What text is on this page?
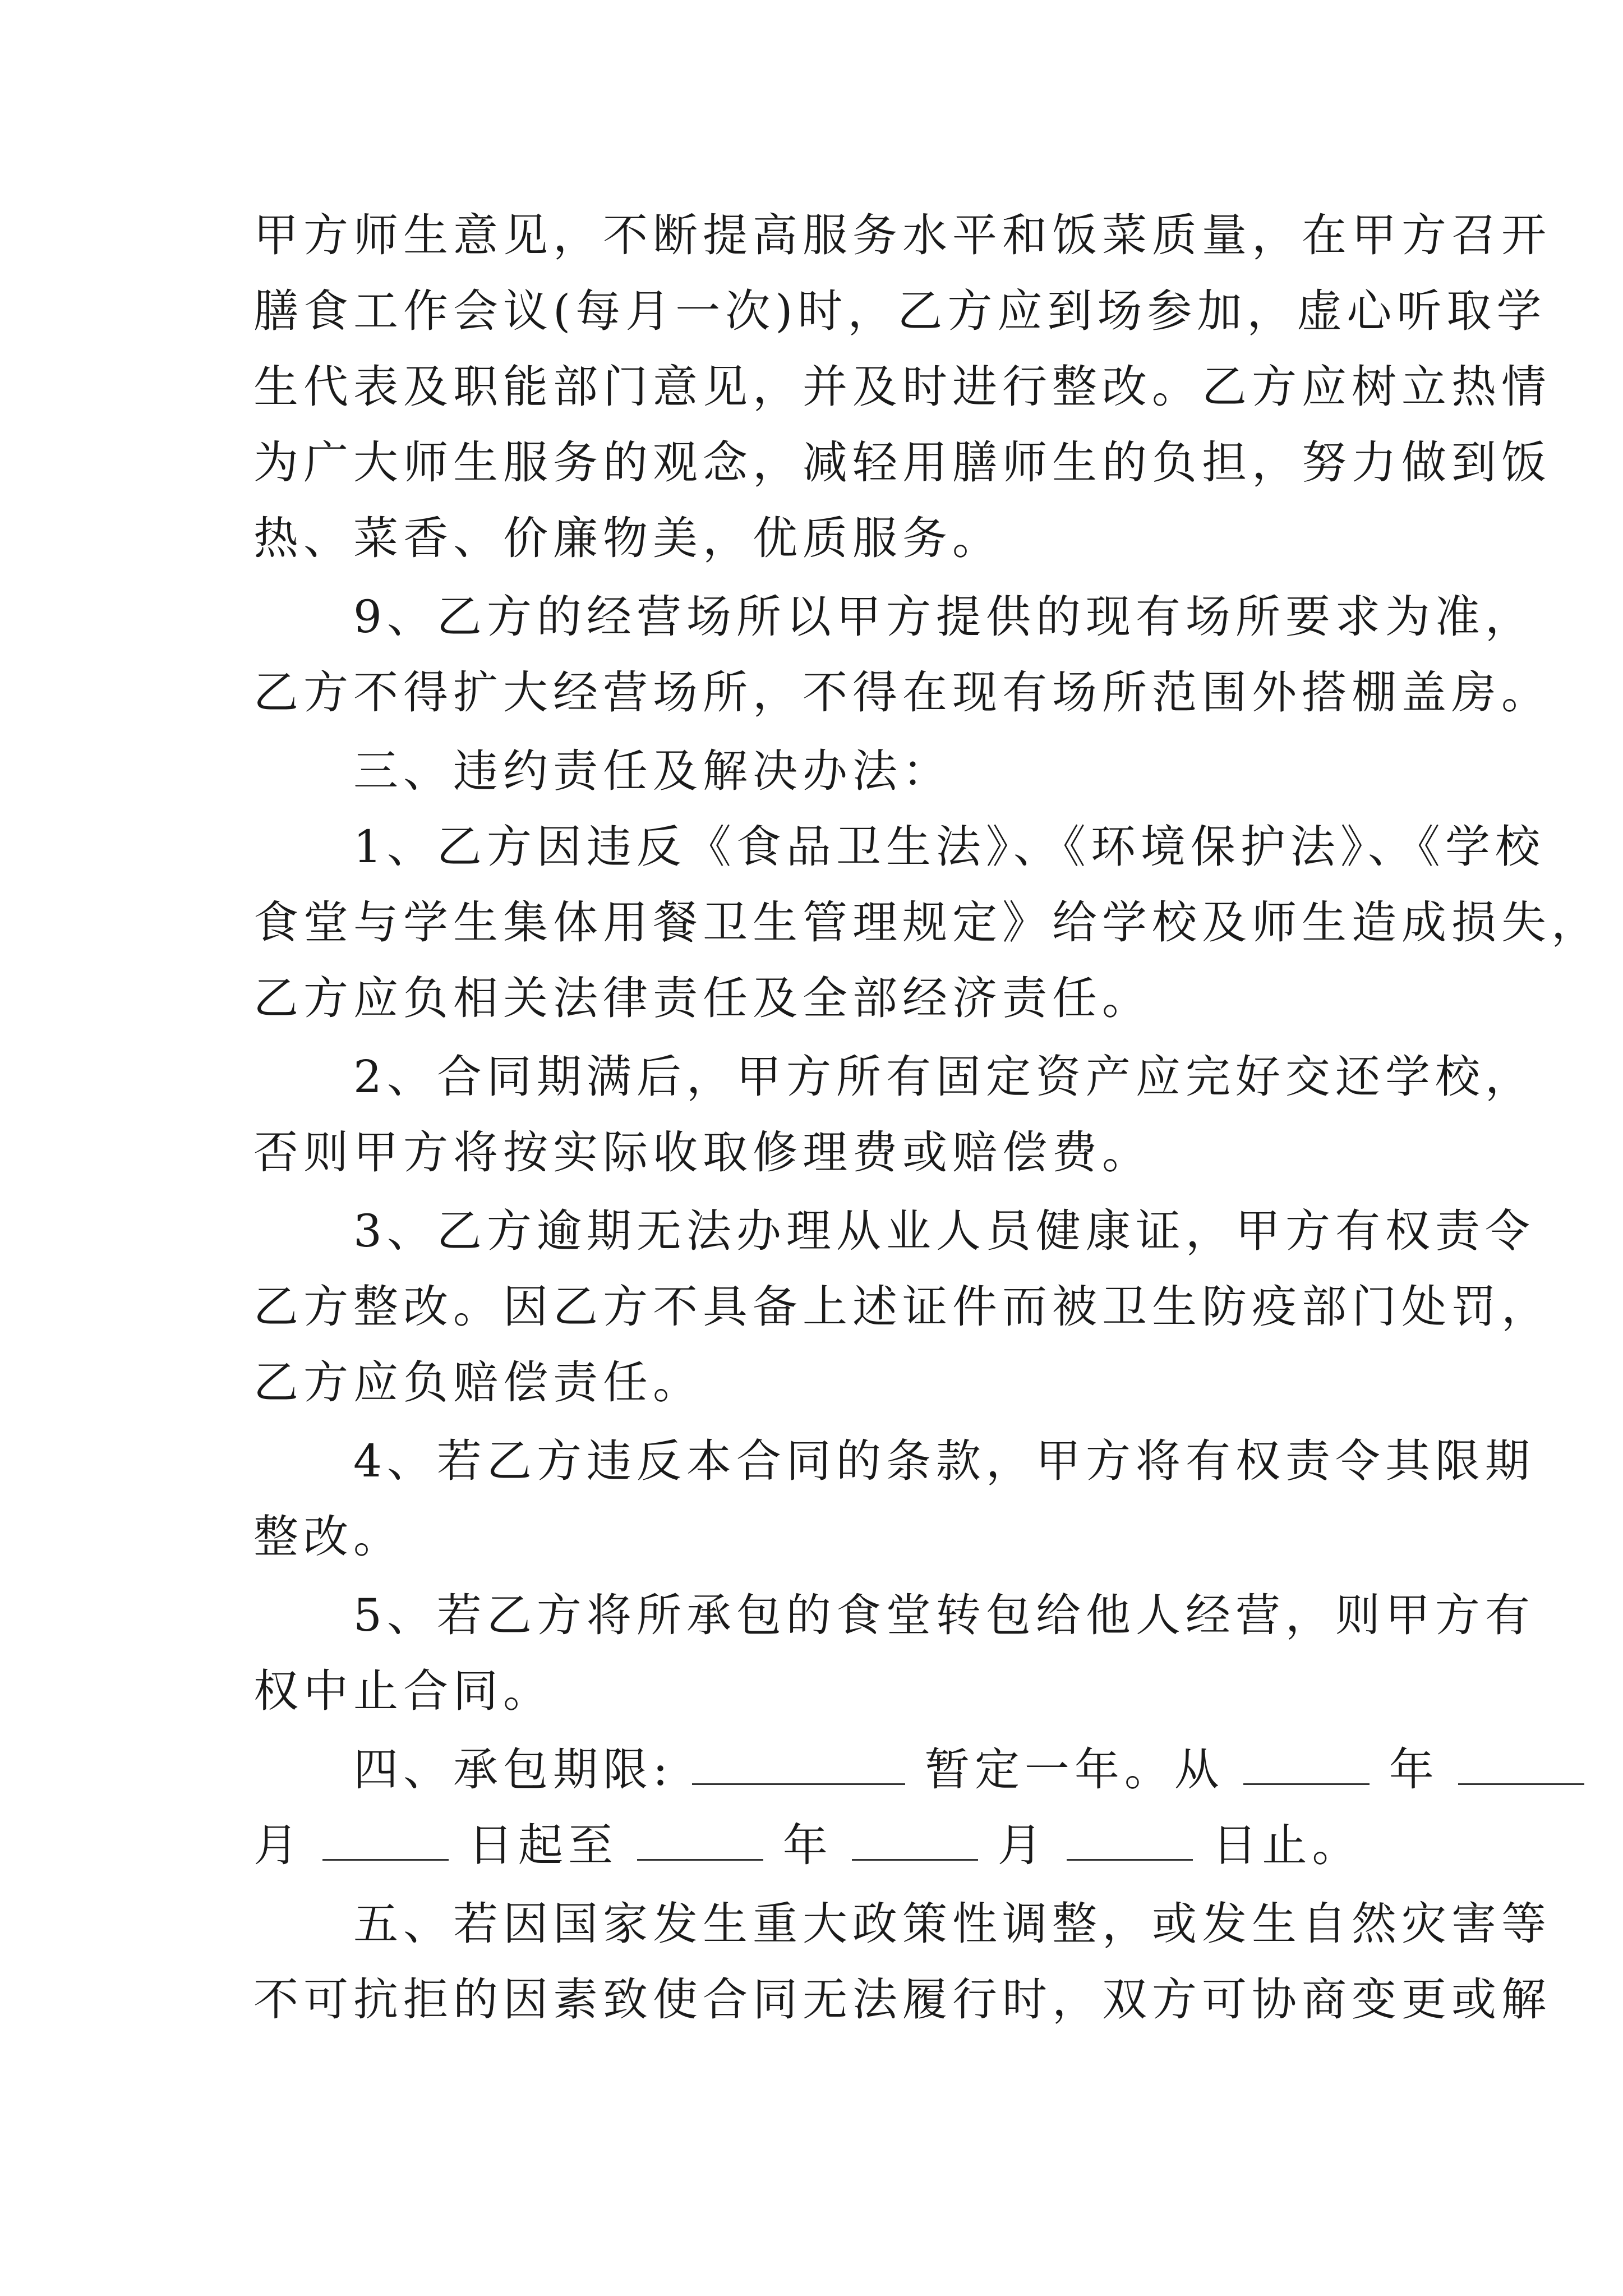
甲方师生意见，不断提高服务水平和饭菜质量，在甲方召开
膳食工作会议(每月一次)时，乙方应到场参加，虚心听取学
生代表及职能部门意见，并及时进行整改。乙方应树立热情
为广大师生服务的观念，减轻用膳师生的负担，努力做到饭
热、菜香、价廉物美，优质服务。
　　9、乙方的经营场所以甲方提供的现有场所要求为准，
乙方不得扩大经营场所，不得在现有场所范围外搭棚盖房。
　　三、违约责任及解决办法：
　　1、乙方因违反《食品卫生法》、《环境保护法》、《学校
食堂与学生集体用餐卫生管理规定》给学校及师生造成损失，
乙方应负相关法律责任及全部经济责任。
　　2、合同期满后，甲方所有固定资产应完好交还学校，
否则甲方将按实际收取修理费或赔偿费。
　　3、乙方逾期无法办理从业人员健康证，甲方有权责令
乙方整改。因乙方不具备上述证件而被卫生防疫部门处罚，
乙方应负赔偿责任。
　　4、若乙方违反本合同的条款，甲方将有权责令其限期
整改。
　　5、若乙方将所承包的食堂转包给他人经营，则甲方有
权中止合同。
　　四、承包期限:	暂定一年。从	年
月	日起至	年	月	日止。
　　五、若因国家发生重大政策性调整，或发生自然灾害等
不可抗拒的因素致使合同无法履行时，双方可协商变更或解
